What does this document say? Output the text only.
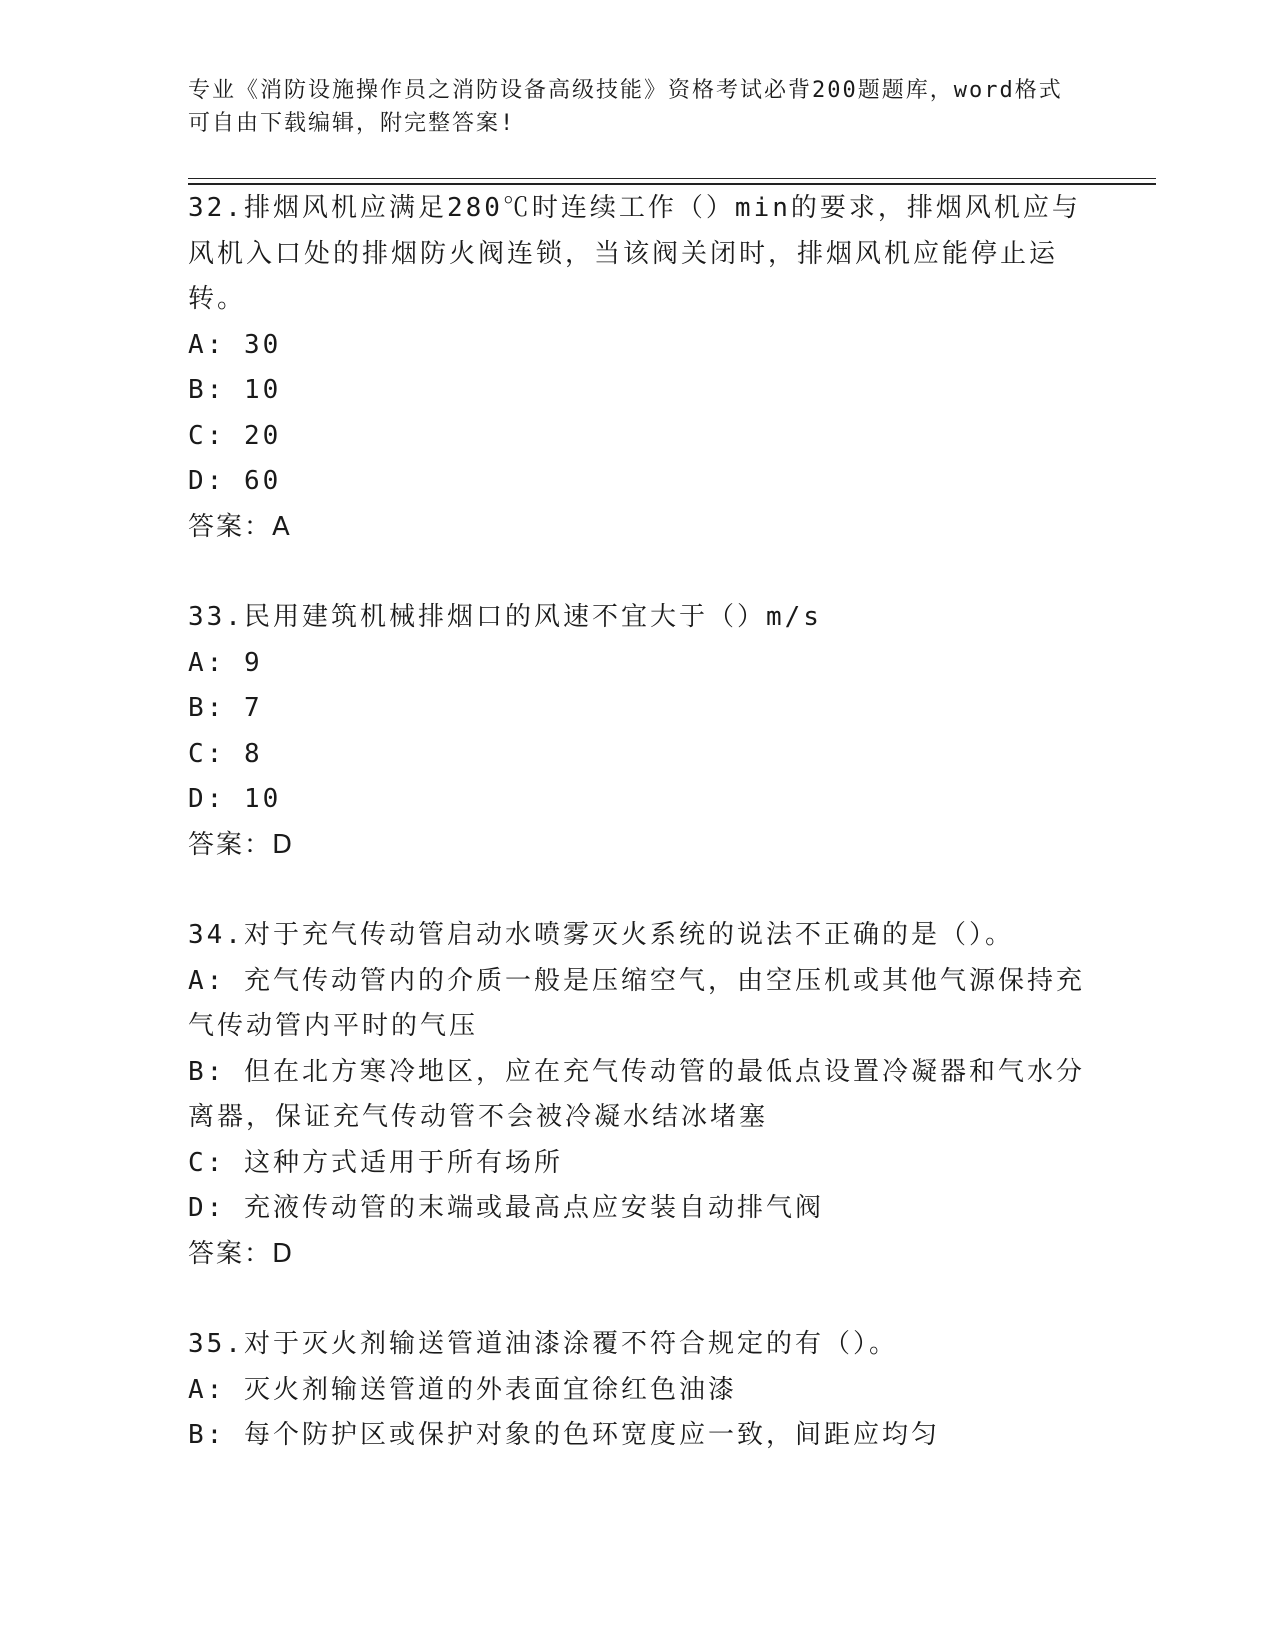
专业《消防设施操作员之消防设备高级技能》资格考试必背200题题库，word格式可自由下载编辑，附完整答案!

32.排烟风机应满足280℃时连续工作（）min的要求，排烟风机应与风机入口处的排烟防火阀连锁，当该阀关闭时，排烟风机应能停止运转。

A: 30

B: 10

C: 20

D: 60

答案：A

33.民用建筑机械排烟口的风速不宜大于（）m/s

A: 9

B: 7

C: 8

D: 10

答案：D

34.对于充气传动管启动水喷雾灭火系统的说法不正确的是（）。

A: 充气传动管内的介质一般是压缩空气，由空压机或其他气源保持充气传动管内平时的气压

B: 但在北方寒冷地区，应在充气传动管的最低点设置冷凝器和气水分离器，保证充气传动管不会被冷凝水结冰堵塞

C: 这种方式适用于所有场所

D: 充液传动管的末端或最高点应安装自动排气阀

答案：D

35.对于灭火剂输送管道油漆涂覆不符合规定的有（）。

A: 灭火剂输送管道的外表面宜徐红色油漆

B: 每个防护区或保护对象的色环宽度应一致，间距应均匀
